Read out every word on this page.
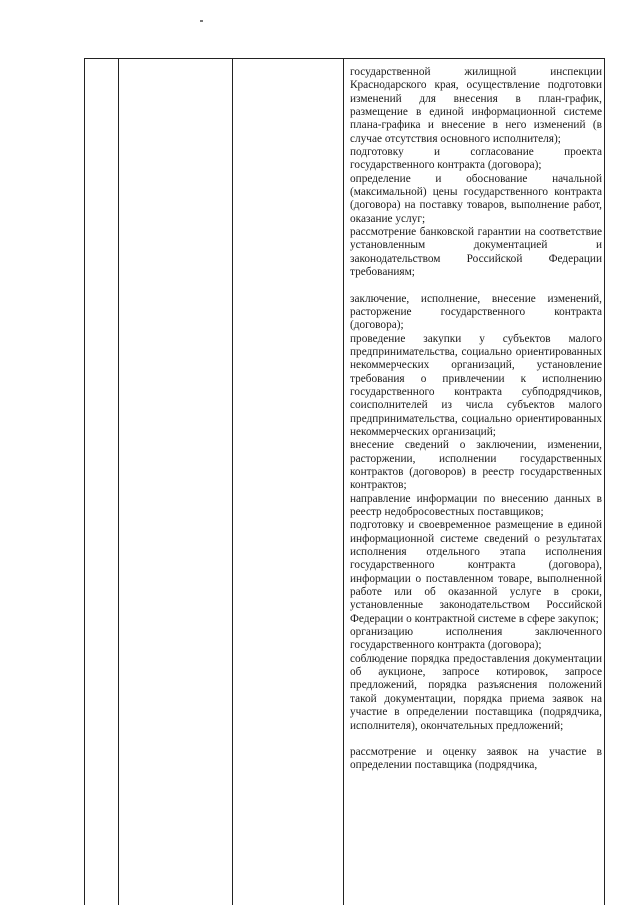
государственной жилищной инспекции Краснодарского края, осуществление подготовки изменений для внесения в план-график, размещение в единой информационной системе плана-графика и внесение в него изменений (в случае отсутствия основного исполнителя);

подготовку и согласование проекта государственного контракта (договора);

определение и обоснование начальной (максимальной) цены государственного контракта (договора) на поставку товаров, выполнение работ, оказание услуг;

рассмотрение банковской гарантии на соответствие установленным документацией и законодательством Российской Федерации требованиям;

заключение, исполнение, внесение изменений, расторжение государственного контракта (договора);

проведение закупки у субъектов малого предпринимательства, социально ориентированных некоммерческих организаций, установление требования о привлечении к исполнению государственного контракта субподрядчиков, соисполнителей из числа субъектов малого предпринимательства, социально ориентированных некоммерческих организаций;

внесение сведений о заключении, изменении, расторжении, исполнении государственных контрактов (договоров) в реестр государственных контрактов;

направление информации по внесению данных в реестр недобросовестных поставщиков;

подготовку и своевременное размещение в единой информационной системе сведений о результатах исполнения отдельного этапа исполнения государственного контракта (договора), информации о поставленном товаре, выполненной работе или об оказанной услуге в сроки, установленные законодательством Российской Федерации о контрактной системе в сфере закупок;

организацию исполнения заключенного государственного контракта (договора);

соблюдение порядка предоставления документации об аукционе, запросе котировок, запросе предложений, порядка разъяснения положений такой документации, порядка приема заявок на участие в определении поставщика (подрядчика, исполнителя), окончательных предложений;

рассмотрение и оценку заявок на участие в определении поставщика (подрядчика,
